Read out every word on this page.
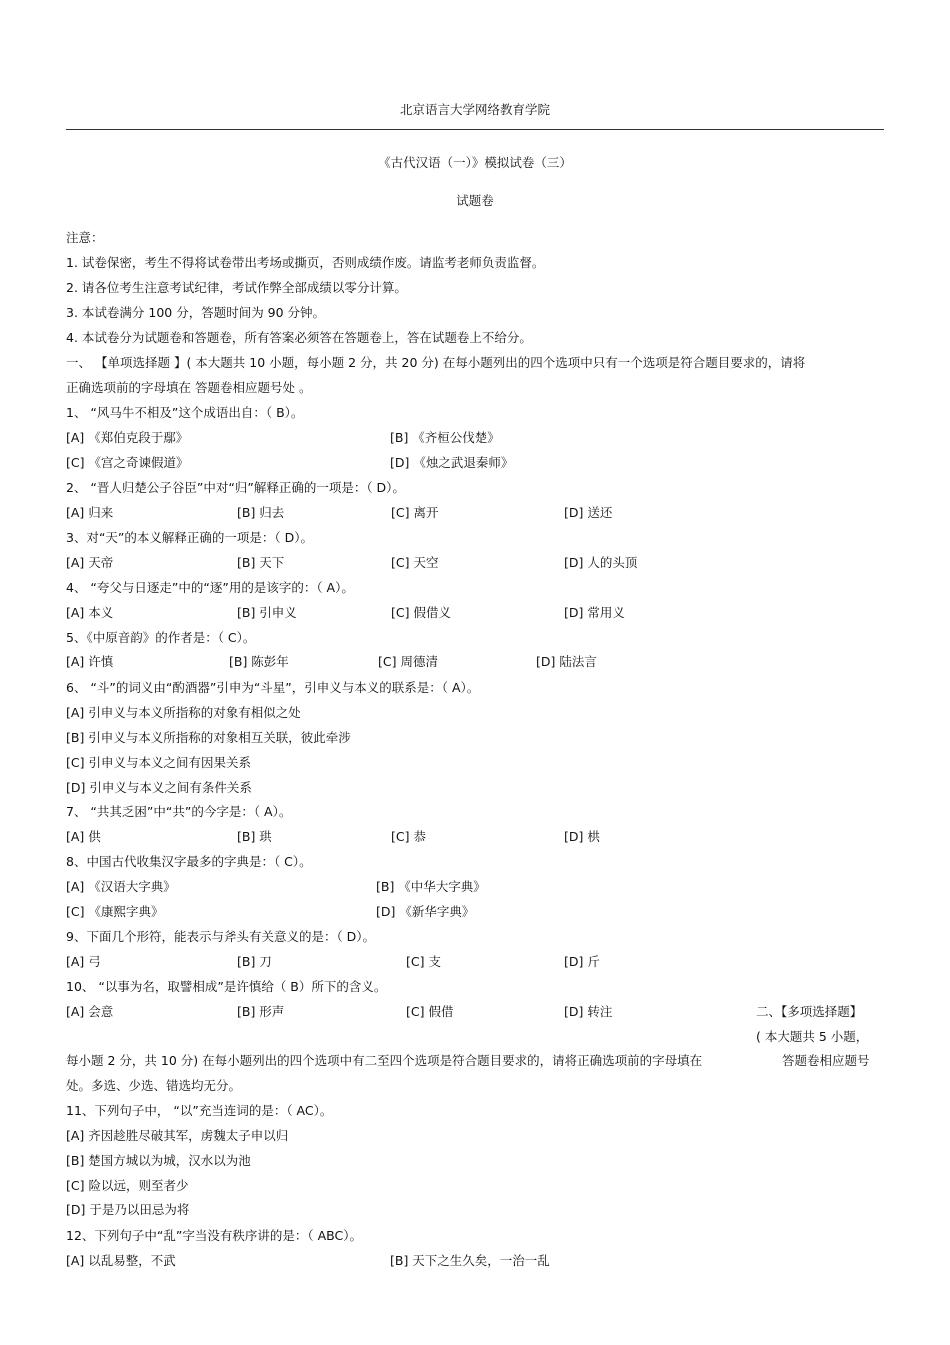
北京语言大学网络教育学院
《古代汉语（一）》模拟试卷（三）
试题卷
注意：
1. 试卷保密，考生不得将试卷带出考场或撕页，否则成绩作废。请监考老师负责监督。
2. 请各位考生注意考试纪律，考试作弊全部成绩以零分计算。
3. 本试卷满分 100 分，答题时间为 90 分钟。
4. 本试卷分为试题卷和答题卷，所有答案必须答在答题卷上，答在试题卷上不给分。
一、 【单项选择题 】( 本大题共 10 小题，每小题 2 分，共 20 分) 在每小题列出的四个选项中只有一个选项是符合题目要求的，请将
正确选项前的字母填在 答题卷相应题号处 。
1、 “风马牛不相及”这个成语出自：（ B）。
[A] 《郑伯克段于鄢》	[B] 《齐桓公伐楚》
[C] 《宫之奇谏假道》	[D] 《烛之武退秦师》
2、 “晋人归楚公子谷臣”中对“归”解释正确的一项是：（ D）。
[A] 归来	[B] 归去	[C] 离开	[D] 送还
3、对“天”的本义解释正确的一项是：（ D）。
[A] 天帝	[B] 天下	[C] 天空	[D] 人的头顶
4、 “夸父与日逐走”中的“逐”用的是该字的：（ A）。
[A] 本义	[B] 引申义	[C] 假借义	[D] 常用义
5、《中原音韵》的作者是：（ C）。
[A] 许慎	[B] 陈彭年	[C] 周德清	[D] 陆法言
6、 “斗”的词义由“酌酒器”引申为“斗星”，引申义与本义的联系是：（ A）。
[A] 引申义与本义所指称的对象有相似之处
[B] 引申义与本义所指称的对象相互关联，彼此牵涉
[C] 引申义与本义之间有因果关系
[D] 引申义与本义之间有条件关系
7、 “共其乏困”中“共”的今字是：（ A）。
[A] 供	[B] 珙	[C] 恭	[D] 栱
8、中国古代收集汉字最多的字典是：（ C）。
[A] 《汉语大字典》	[B] 《中华大字典》
[C] 《康熙字典》	[D] 《新华字典》
9、下面几个形符，能表示与斧头有关意义的是：（ D）。
[A] 弓	[B] 刀	[C] 支	[D] 斤
10、 “以事为名，取譬相成”是许慎给（ B）所下的含义。
[A] 会意	[B] 形声	[C] 假借	[D] 转注	二、【多项选择题】
( 本大题共 5 小题，
每小题 2 分，共 10 分) 在每小题列出的四个选项中有二至四个选项是符合题目要求的，请将正确选项前的字母填在	答题卷相应题号
处。多选、少选、错选均无分。
11、下列句子中， “以”充当连词的是：（ AC）。
[A] 齐因趁胜尽破其军，虏魏太子申以归
[B] 楚国方城以为城，汉水以为池
[C] 险以远，则至者少
[D] 于是乃以田忌为将
12、下列句子中“乱”字当没有秩序讲的是：（ ABC）。
[A] 以乱易整，不武	[B] 天下之生久矣，一治一乱
